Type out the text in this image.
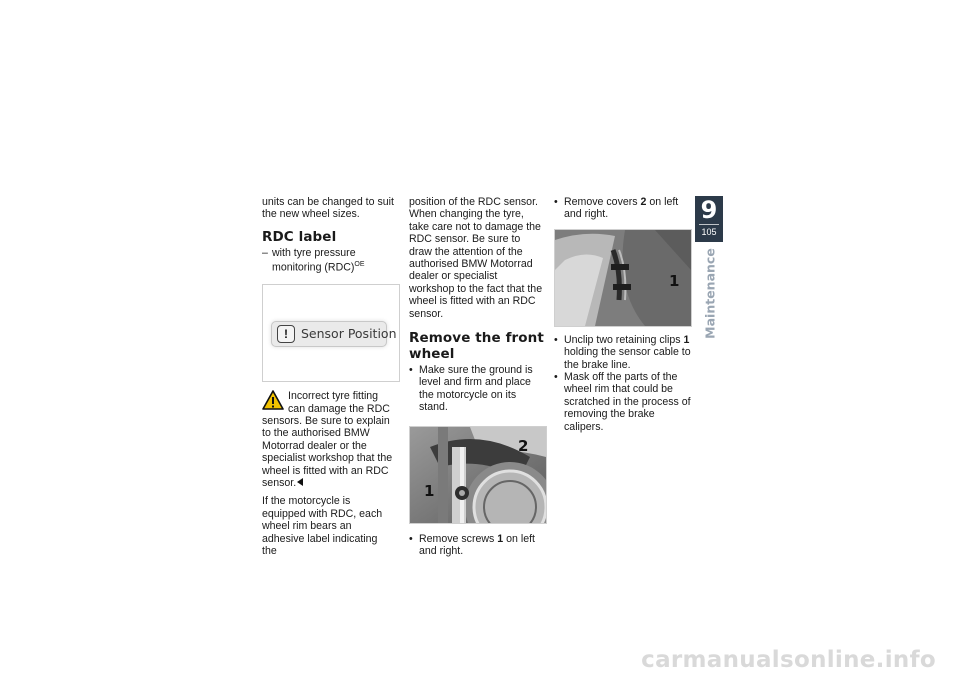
units can be changed to suit the new wheel sizes.

RDC label
– with tyre pressure monitoring (RDC)$^{OE}$
!	Sensor Position
Incorrect tyre fitting can damage the RDC sensors. Be sure to explain to the authorised BMW Motorrad dealer or the specialist workshop that the wheel is fitted with an RDC sensor.

If the motorcycle is equipped with RDC, each wheel rim bears an adhesive label indicating the

position of the RDC sensor. When changing the tyre, take care not to damage the RDC sensor. Be sure to draw the attention of the authorised BMW Motorrad dealer or specialist workshop to the fact that the wheel is fitted with an RDC sensor.

Remove the front wheel
• Make sure the ground is level and firm and place the motorcycle on its stand.
1
2
• Remove screws 1 on left and right.
• Remove covers 2 on left and right.
1
• Unclip two retaining clips 1 holding the sensor cable to the brake line.
• Mask off the parts of the wheel rim that could be scratched in the process of removing the brake calipers.
9
105
Maintenance
carmanualsonline.info
